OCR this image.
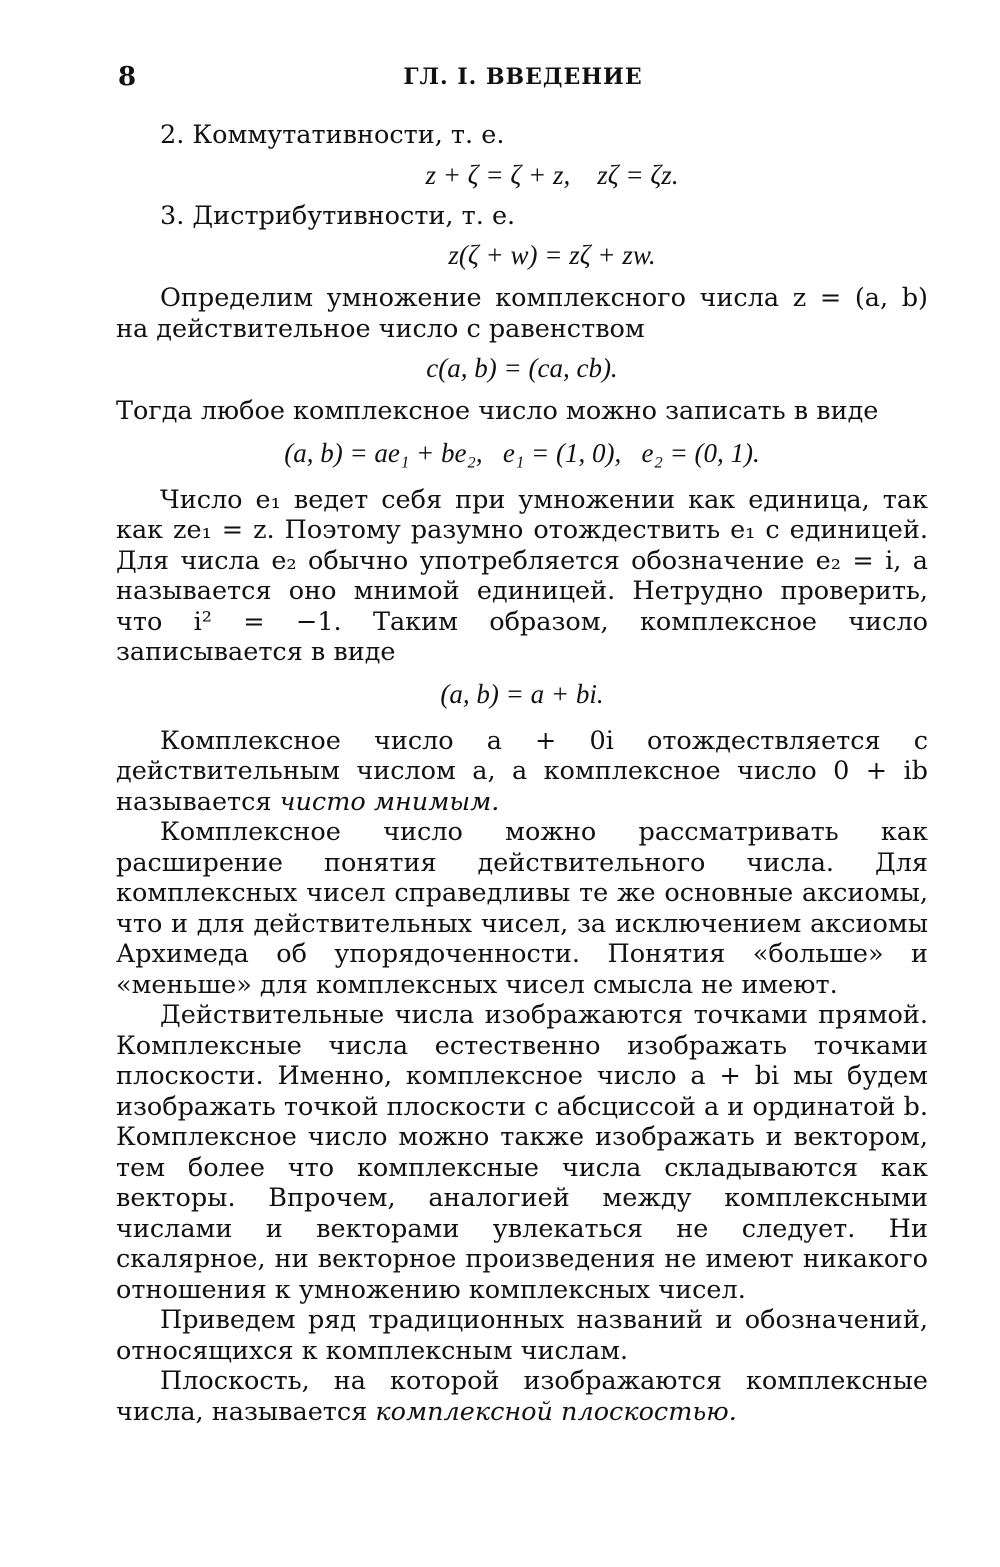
8	ГЛ. I. ВВЕДЕНИЕ

2. Коммутативности, т. е.

z + ζ = ζ + z,    zζ = ζz.

3. Дистрибутивности, т. е.

z(ζ + w) = zζ + zw.

Определим умножение комплексного числа z = (a, b) на действительное число c равенством

c(a, b) = (ca, cb).

Тогда любое комплексное число можно записать в виде

(a, b) = ae₁ + be₂,   e₁ = (1, 0),   e₂ = (0, 1).

Число e₁ ведет себя при умножении как единица, так как ze₁ = z. Поэтому разумно отождествить e₁ с единицей. Для числа e₂ обычно употребляется обозначение e₂ = i, а называется оно мнимой единицей. Нетрудно проверить, что i² = −1. Таким образом, комплексное число записывается в виде

(a, b) = a + bi.

Комплексное число a + 0i отождествляется с действительным числом a, а комплексное число 0 + ib называется чисто мнимым.

Комплексное число можно рассматривать как расширение понятия действительного числа. Для комплексных чисел справедливы те же основные аксиомы, что и для действительных чисел, за исключением аксиомы Архимеда об упорядоченности. Понятия «больше» и «меньше» для комплексных чисел смысла не имеют.

Действительные числа изображаются точками прямой. Комплексные числа естественно изображать точками плоскости. Именно, комплексное число a + bi мы будем изображать точкой плоскости с абсциссой a и ординатой b. Комплексное число можно также изображать и вектором, тем более что комплексные числа складываются как векторы. Впрочем, аналогией между комплексными числами и векторами увлекаться не следует. Ни скалярное, ни векторное произведения не имеют никакого отношения к умножению комплексных чисел.

Приведем ряд традиционных названий и обозначений, относящихся к комплексным числам.

Плоскость, на которой изображаются комплексные числа, называется комплексной плоскостью.
